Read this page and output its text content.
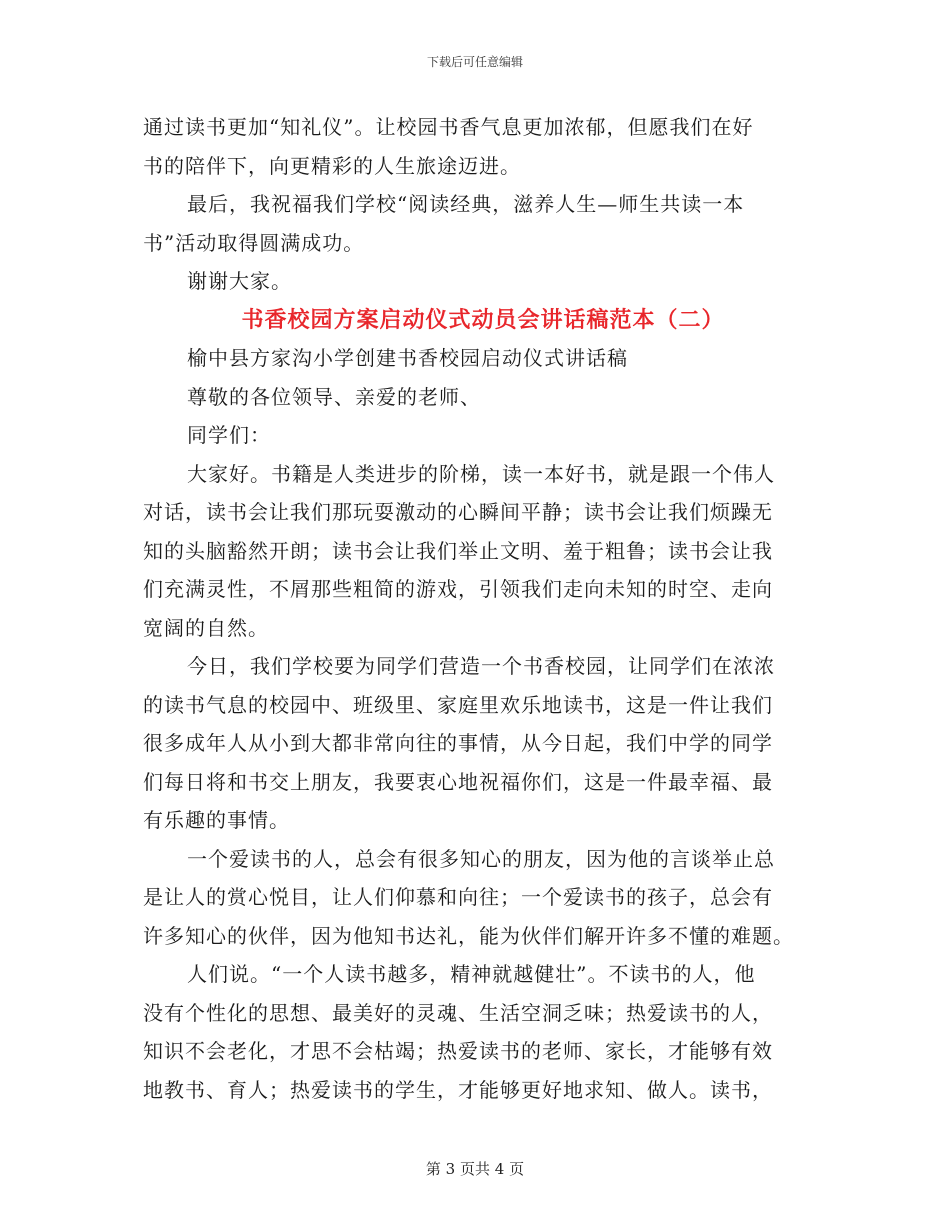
下载后可任意编辑
通过读书更加“知礼仪”。让校园书香气息更加浓郁，但愿我们在好
书的陪伴下，向更精彩的人生旅途迈进。
最后，我祝福我们学校“阅读经典，滋养人生—师生共读一本
书”活动取得圆满成功。
谢谢大家。
书香校园方案启动仪式动员会讲话稿范本（二）
榆中县方家沟小学创建书香校园启动仪式讲话稿
尊敬的各位领导、亲爱的老师、
同学们：
大家好。书籍是人类进步的阶梯，读一本好书，就是跟一个伟人
对话，读书会让我们那玩耍激动的心瞬间平静；读书会让我们烦躁无
知的头脑豁然开朗；读书会让我们举止文明、羞于粗鲁；读书会让我
们充满灵性，不屑那些粗简的游戏，引领我们走向未知的时空、走向
宽阔的自然。
今日，我们学校要为同学们营造一个书香校园，让同学们在浓浓
的读书气息的校园中、班级里、家庭里欢乐地读书，这是一件让我们
很多成年人从小到大都非常向往的事情，从今日起，我们中学的同学
们每日将和书交上朋友，我要衷心地祝福你们，这是一件最幸福、最
有乐趣的事情。
一个爱读书的人，总会有很多知心的朋友，因为他的言谈举止总
是让人的赏心悦目，让人们仰慕和向往；一个爱读书的孩子，总会有
许多知心的伙伴，因为他知书达礼，能为伙伴们解开许多不懂的难题。
人们说。“一个人读书越多，精神就越健壮”。不读书的人，他
没有个性化的思想、最美好的灵魂、生活空洞乏味；热爱读书的人，
知识不会老化，才思不会枯竭；热爱读书的老师、家长，才能够有效
地教书、育人；热爱读书的学生，才能够更好地求知、做人。读书，
第 3 页共 4 页
